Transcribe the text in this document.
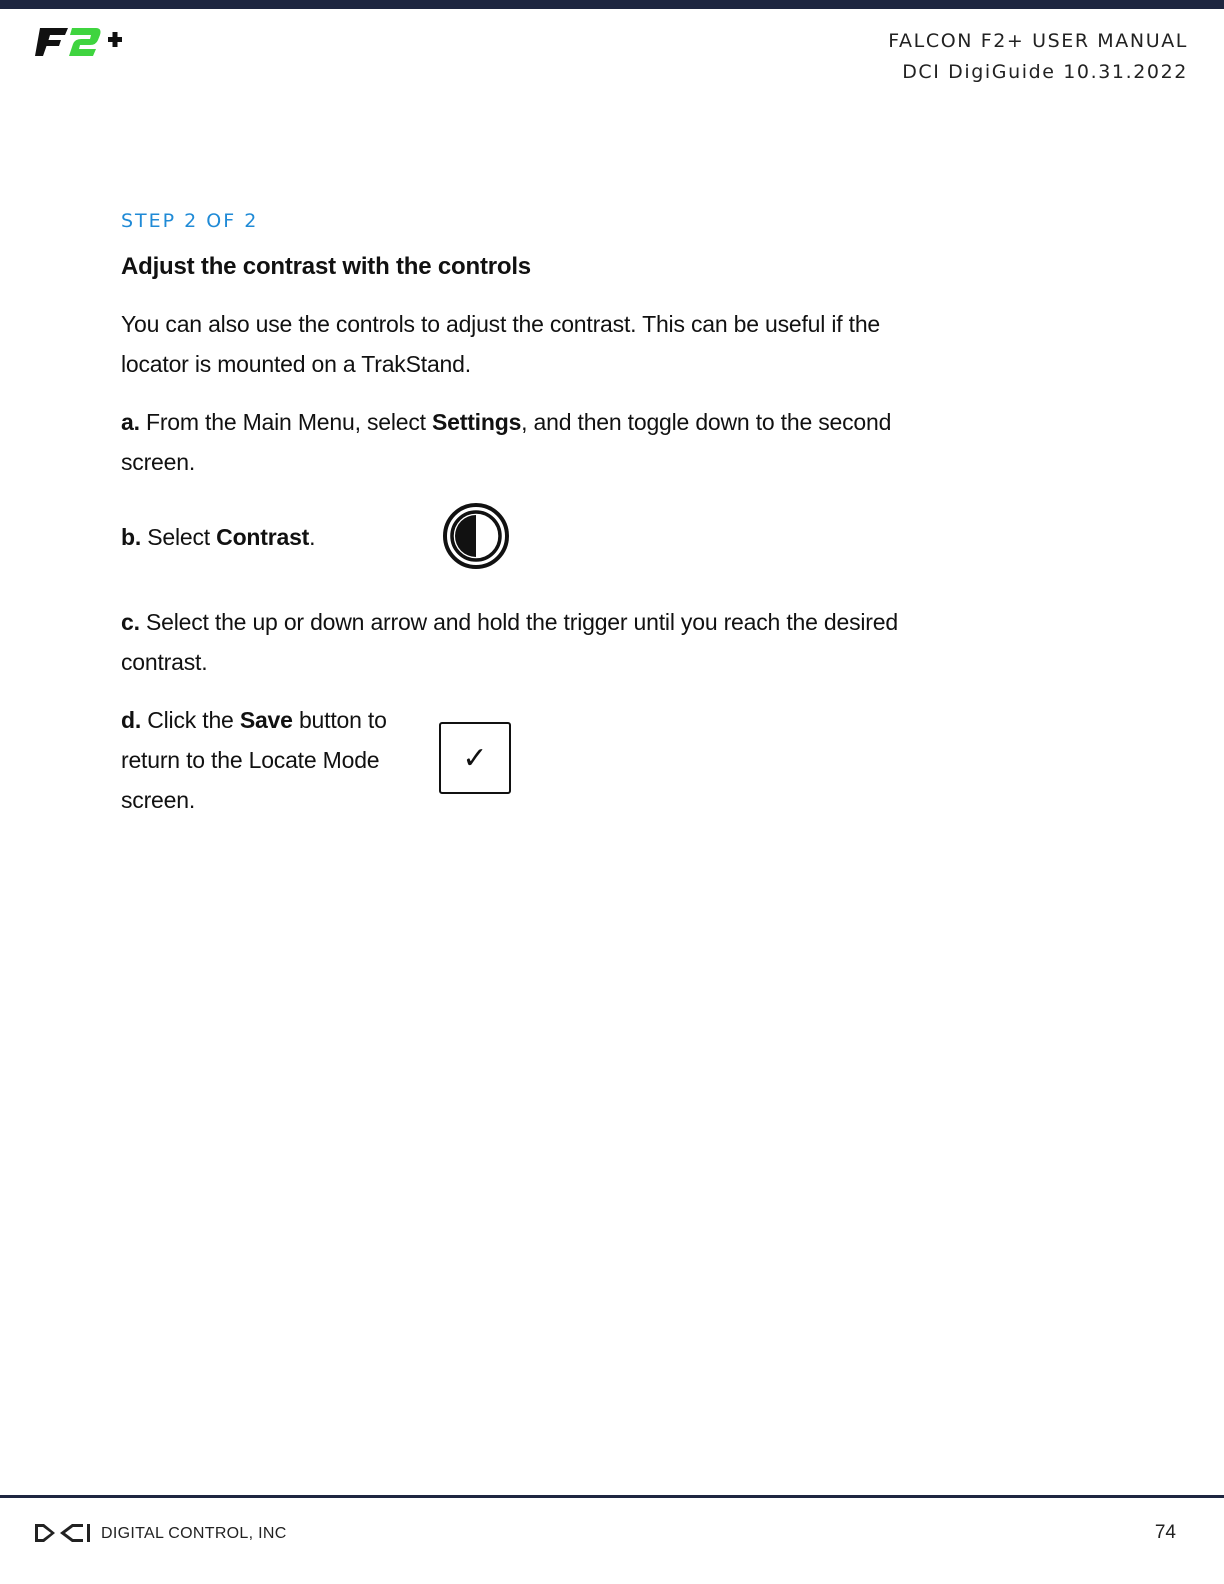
FALCON F2+ USER MANUAL
DCI DigiGuide 10.31.2022
STEP 2 OF 2
Adjust the contrast with the controls

You can also use the controls to adjust the contrast. This can be useful if the locator is mounted on a TrakStand.

a. From the Main Menu, select Settings, and then toggle down to the second screen.

b. Select Contrast.

c. Select the up or down arrow and hold the trigger until you reach the desired contrast.

d. Click the Save button to return to the Locate Mode screen.

✓
DIGITAL CONTROL, INC	74
